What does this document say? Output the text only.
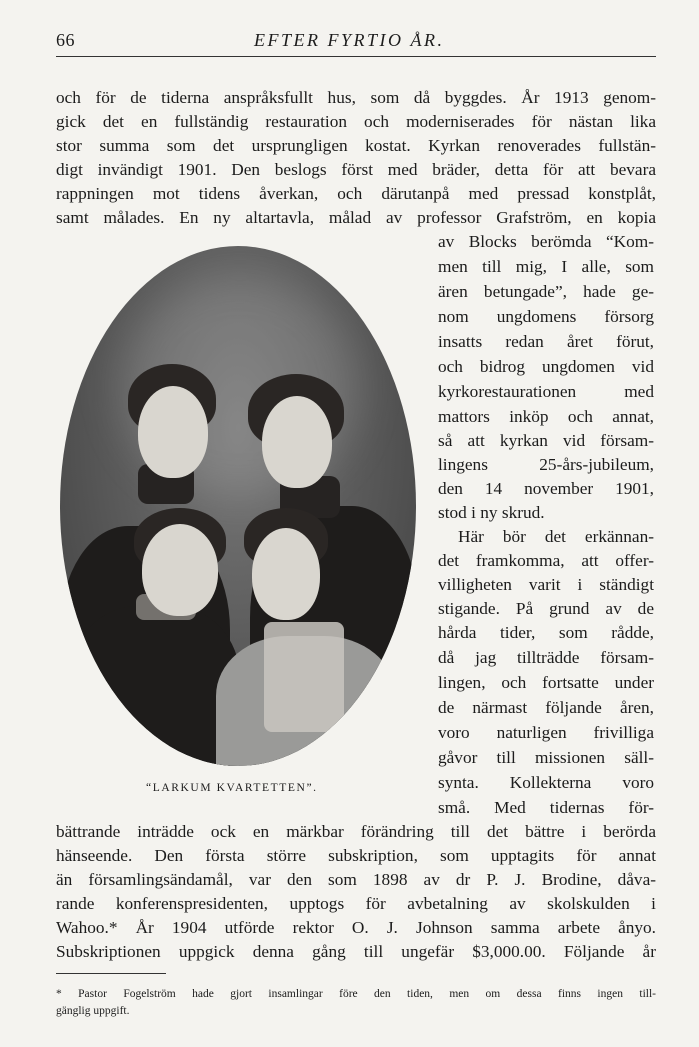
66	EFTER FYRTIO ÅR.
och för de tiderna anspråksfullt hus, som då byggdes. År 1913 genom-
gick det en fullständig restauration och moderniserades för nästan lika
stor summa som det ursprungligen kostat. Kyrkan renoverades fullstän-
digt invändigt 1901. Den beslogs först med bräder, detta för att bevara
rappningen mot tidens åverkan, och därutanpå med pressad konstplåt,
samt målades. En ny altartavla, målad av professor Grafström, en kopia
av Blocks berömda “Kom-
men till mig, I alle, som
ären betungade”, hade ge-
nom ungdomens försorg
insatts redan året förut,
och bidrog ungdomen vid
kyrkorestaurationen med
mattors inköp och annat,
så att kyrkan vid försam-
lingens 25-års-jubileum,
den 14 november 1901,
stod i ny skrud.
Här bör det erkännan-
det framkomma, att offer-
villigheten varit i ständigt
stigande. På grund av de
hårda tider, som rådde,
då jag tillträdde försam-
lingen, och fortsatte under
de närmast följande åren,
voro naturligen frivilliga
gåvor till missionen säll-
synta. Kollekterna voro
små. Med tidernas för-
“LARKUM KVARTETTEN”.
bättrande inträdde ock en märkbar förändring till det bättre i berörda
hänseende. Den första större subskription, som upptagits för annat
än församlingsändamål, var den som 1898 av dr P. J. Brodine, dåva-
rande konferenspresidenten, upptogs för avbetalning av skolskulden i
Wahoo.* År 1904 utförde rektor O. J. Johnson samma arbete ånyo.
Subskriptionen uppgick denna gång till ungefär $3,000.00. Följande år
* Pastor Fogelström hade gjort insamlingar före den tiden, men om dessa finns ingen till-
gänglig uppgift.
